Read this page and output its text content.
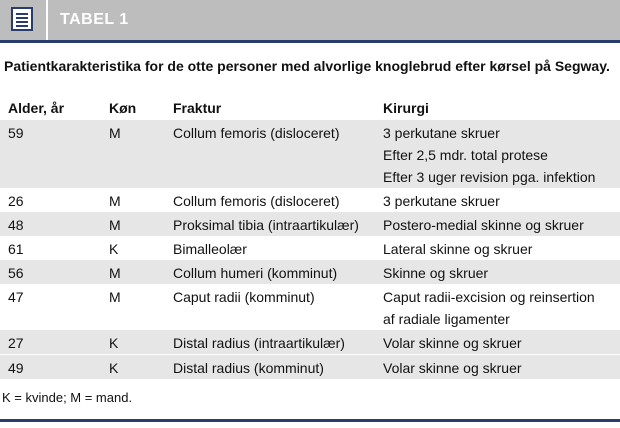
TABEL 1
Patientkarakteristika for de otte personer med alvorlige knoglebrud efter kørsel på Segway.
Alder, år	Køn	Fraktur	Kirurgi
59	M	Collum femoris (disloceret)	3 perkutane skruer
Efter 2,5 mdr. total protese
Efter 3 uger revision pga. infektion

26	M	Collum femoris (disloceret)	3 perkutane skruer
48	M	Proksimal tibia (intraartikulær)	Postero-medial skinne og skruer
61	K	Bimalleolær	Lateral skinne og skruer
56	M	Collum humeri (komminut)	Skinne og skruer
47	M	Caput radii (komminut)	Caput radii-excision og reinsertion
af radiale ligamenter

27	K	Distal radius (intraartikulær)	Volar skinne og skruer
49	K	Distal radius (komminut)	Volar skinne og skruer
K = kvinde; M = mand.
